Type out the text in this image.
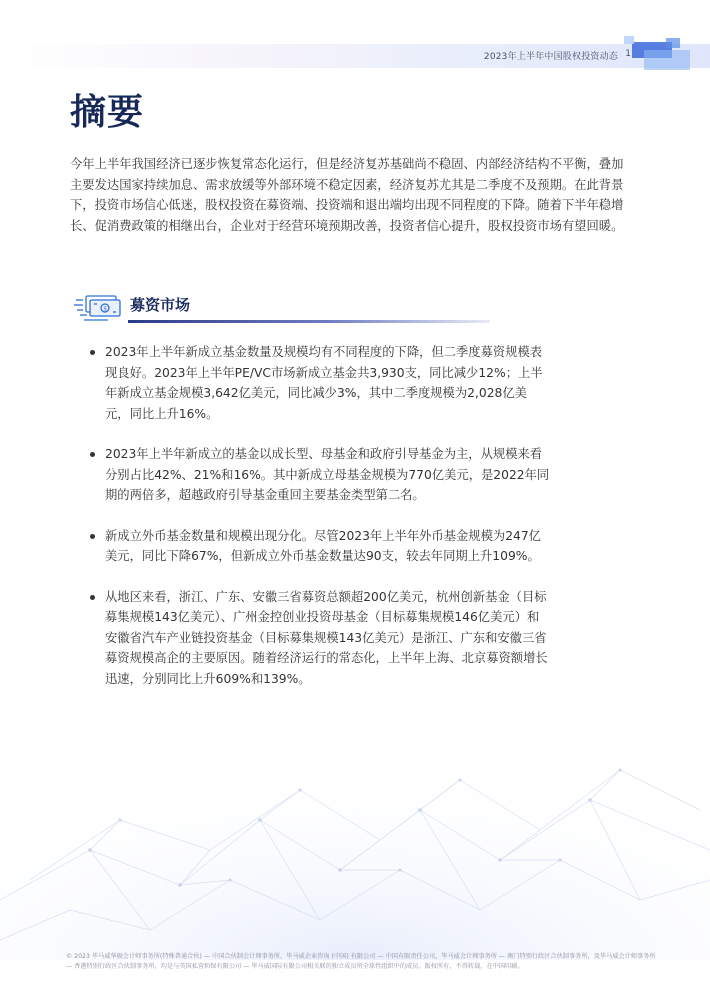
2023年上半年中国股权投资动态 1
摘要

今年上半年我国经济已逐步恢复常态化运行，但是经济复苏基础尚不稳固、内部经济结构不平衡，叠加主要发达国家持续加息、需求放缓等外部环境不稳定因素，经济复苏尤其是二季度不及预期。在此背景下，投资市场信心低迷，股权投资在募资端、投资端和退出端均出现不同程度的下降。随着下半年稳增长、促消费政策的相继出台，企业对于经营环境预期改善，投资者信心提升，股权投资市场有望回暖。

$ 募资市场
2023年上半年新成立基金数量及规模均有不同程度的下降，但二季度募资规模表现良好。2023年上半年PE/VC市场新成立基金共3,930支，同比减少12%；上半年新成立基金规模3,642亿美元，同比减少3%，其中二季度规模为2,028亿美元，同比上升16%。
2023年上半年新成立的基金以成长型、母基金和政府引导基金为主，从规模来看分别占比42%、21%和16%。其中新成立母基金规模为770亿美元，是2022年同期的两倍多，超越政府引导基金重回主要基金类型第二名。
新成立外币基金数量和规模出现分化。尽管2023年上半年外币基金规模为247亿美元，同比下降67%，但新成立外币基金数量达90支，较去年同期上升109%。
从地区来看，浙江、广东、安徽三省募资总额超200亿美元，杭州创新基金（目标募集规模143亿美元）、广州金控创业投资母基金（目标募集规模146亿美元）和安徽省汽车产业链投资基金（目标募集规模143亿美元）是浙江、广东和安徽三省募资规模高企的主要原因。随着经济运行的常态化，上半年上海、北京募资额增长迅速，分别同比上升609%和139%。

© 2023 毕马威华振会计师事务所(特殊普通合伙) — 中国合伙制会计师事务所，毕马威企业咨询 (中国) 有限公司 — 中国有限责任公司，毕马威会计师事务所 — 澳门特别行政区合伙制事务所，及毕马威会计师事务所 — 香港特别行政区合伙制事务所，均是与英国私营担保有限公司 — 毕马威国际有限公司相关联的独立成员所全球性组织中的成员。版权所有，不得转载。在中国印刷。
